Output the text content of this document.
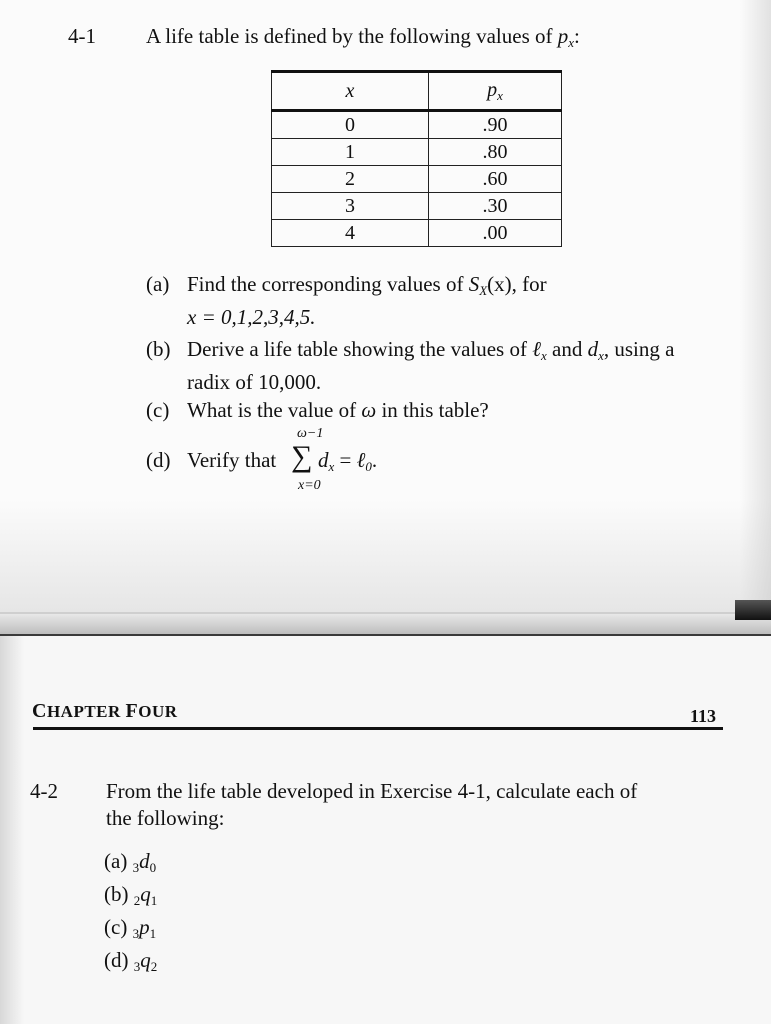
4-1 A life table is defined by the following values of $p_x$:
x	$p_x$
0	.90
1	.80
2	.60
3	.30
4	.00
(a) Find the corresponding values of $S_X(x)$, for
x = 0,1,2,3,4,5.
(b) Derive a life table showing the values of ℓ$_x$ and $d_x$, using a
radix of 10,000.
(c) What is the value of ω in this table?
(d) Verify that
ω−1
∑
x=0
$d_x$ = ℓ$_0$.
CHAPTER FOUR	113
4-2 From the life table developed in Exercise 4-1, calculate each of
the following:
(a) 3d0
(b) 2q1
(c) 3p1
(d) 3q2
